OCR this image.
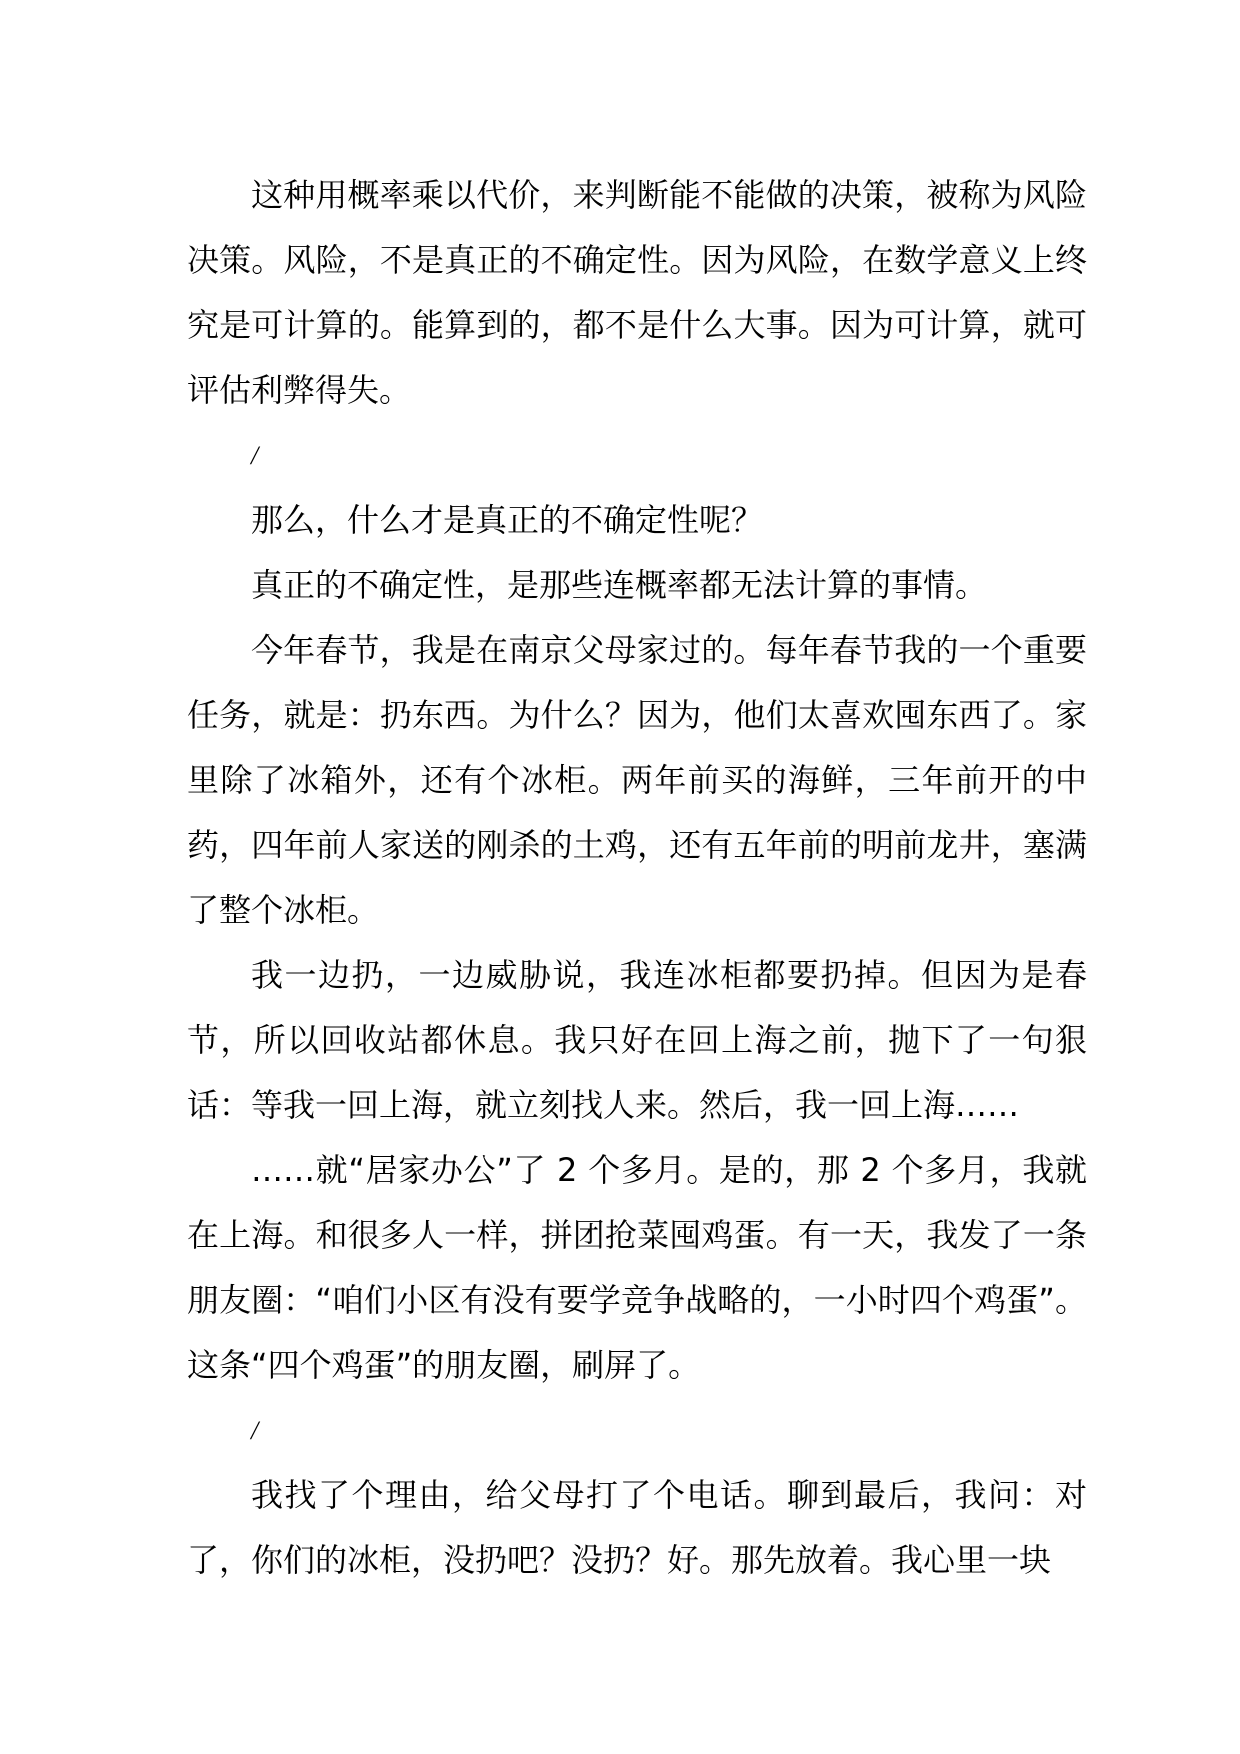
这种用概率乘以代价，来判断能不能做的决策，被称为风险决策。风险，不是真正的不确定性。因为风险，在数学意义上终究是可计算的。能算到的，都不是什么大事。因为可计算，就可评估利弊得失。

/

那么，什么才是真正的不确定性呢？

真正的不确定性，是那些连概率都无法计算的事情。

今年春节，我是在南京父母家过的。每年春节我的一个重要任务，就是：扔东西。为什么？因为，他们太喜欢囤东西了。家里除了冰箱外，还有个冰柜。两年前买的海鲜，三年前开的中药，四年前人家送的刚杀的土鸡，还有五年前的明前龙井，塞满了整个冰柜。

我一边扔，一边威胁说，我连冰柜都要扔掉。但因为是春节，所以回收站都休息。我只好在回上海之前，抛下了一句狠话：等我一回上海，就立刻找人来。然后，我一回上海……

……就“居家办公”了 2 个多月。是的，那 2 个多月，我就在上海。和很多人一样，拼团抢菜囤鸡蛋。有一天，我发了一条朋友圈：“咱们小区有没有要学竞争战略的，一小时四个鸡蛋”。这条“四个鸡蛋”的朋友圈，刷屏了。

/

我找了个理由，给父母打了个电话。聊到最后，我问：对了，你们的冰柜，没扔吧？没扔？好。那先放着。我心里一块
